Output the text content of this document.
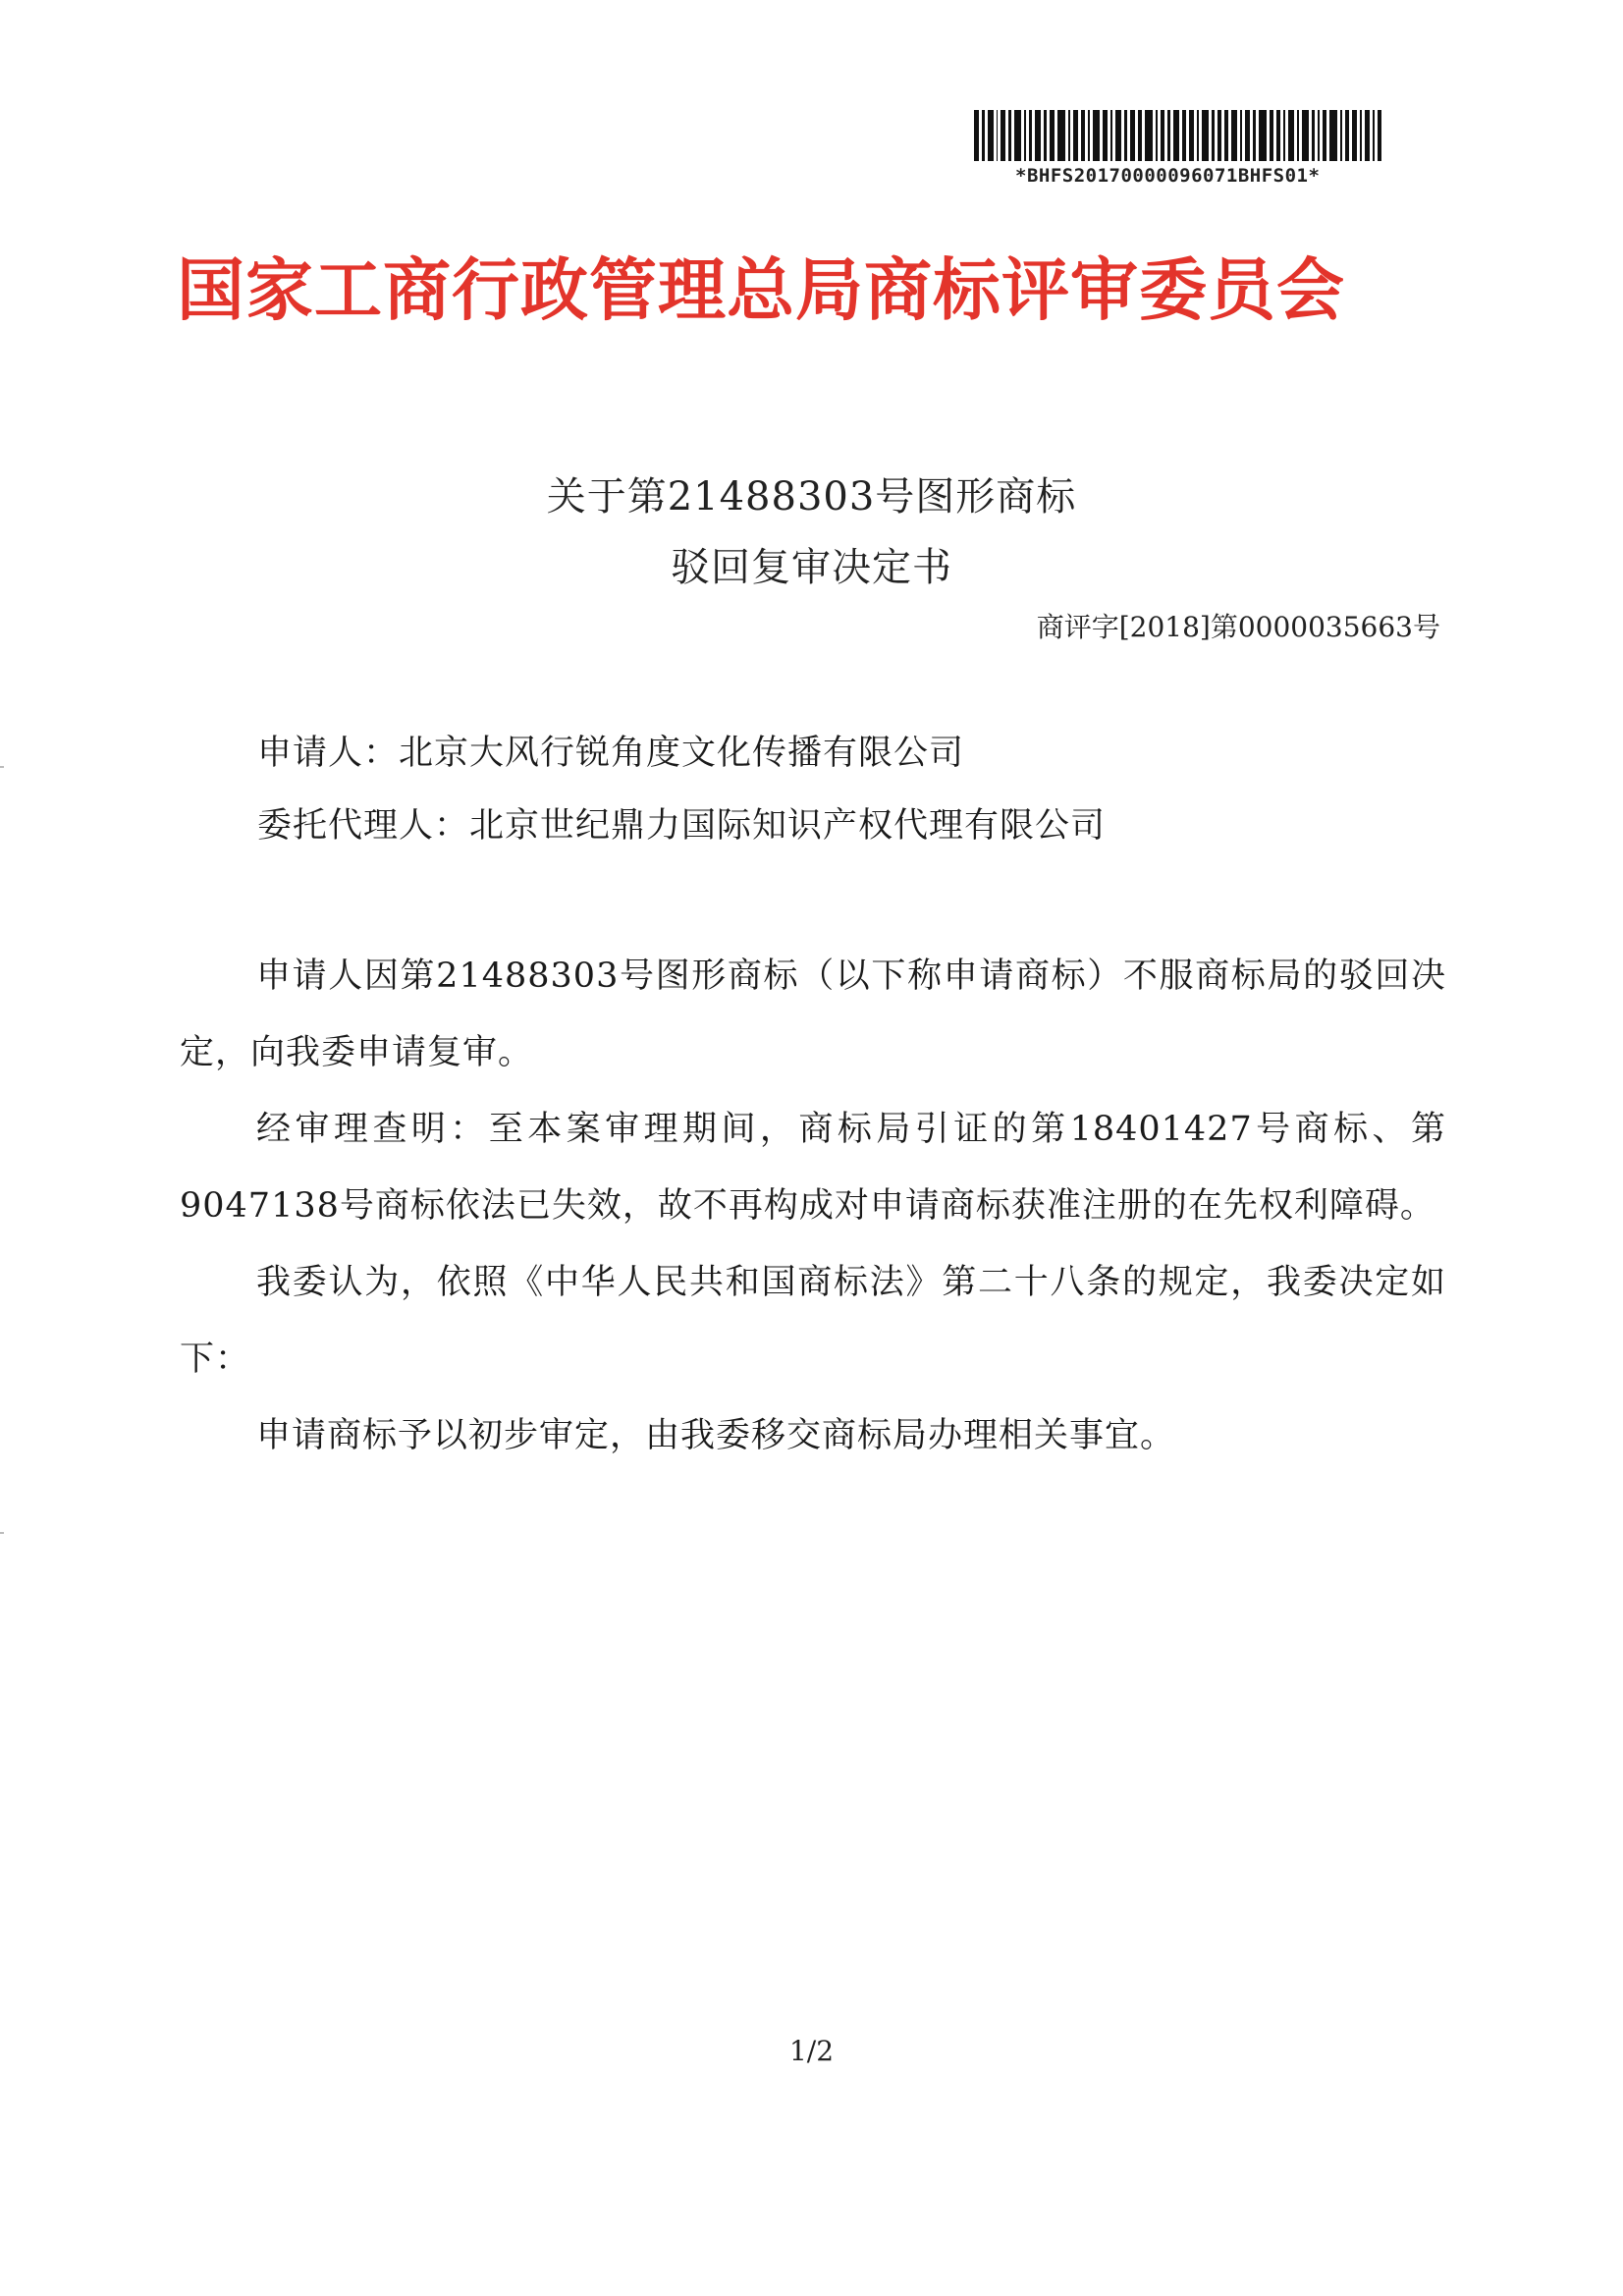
*BHFS20170000096071BHFS01*
国家工商行政管理总局商标评审委员会
关于第21488303号图形商标
驳回复审决定书
商评字[2018]第0000035663号
申请人：北京大风行锐角度文化传播有限公司
委托代理人：北京世纪鼎力国际知识产权代理有限公司

申请人因第21488303号图形商标（以下称申请商标）不服商标局的驳回决定，向我委申请复审。

经审理查明：至本案审理期间，商标局引证的第18401427号商标、第9047138号商标依法已失效，故不再构成对申请商标获准注册的在先权利障碍。

我委认为，依照《中华人民共和国商标法》第二十八条的规定，我委决定如下：

申请商标予以初步审定，由我委移交商标局办理相关事宜。

1/2
